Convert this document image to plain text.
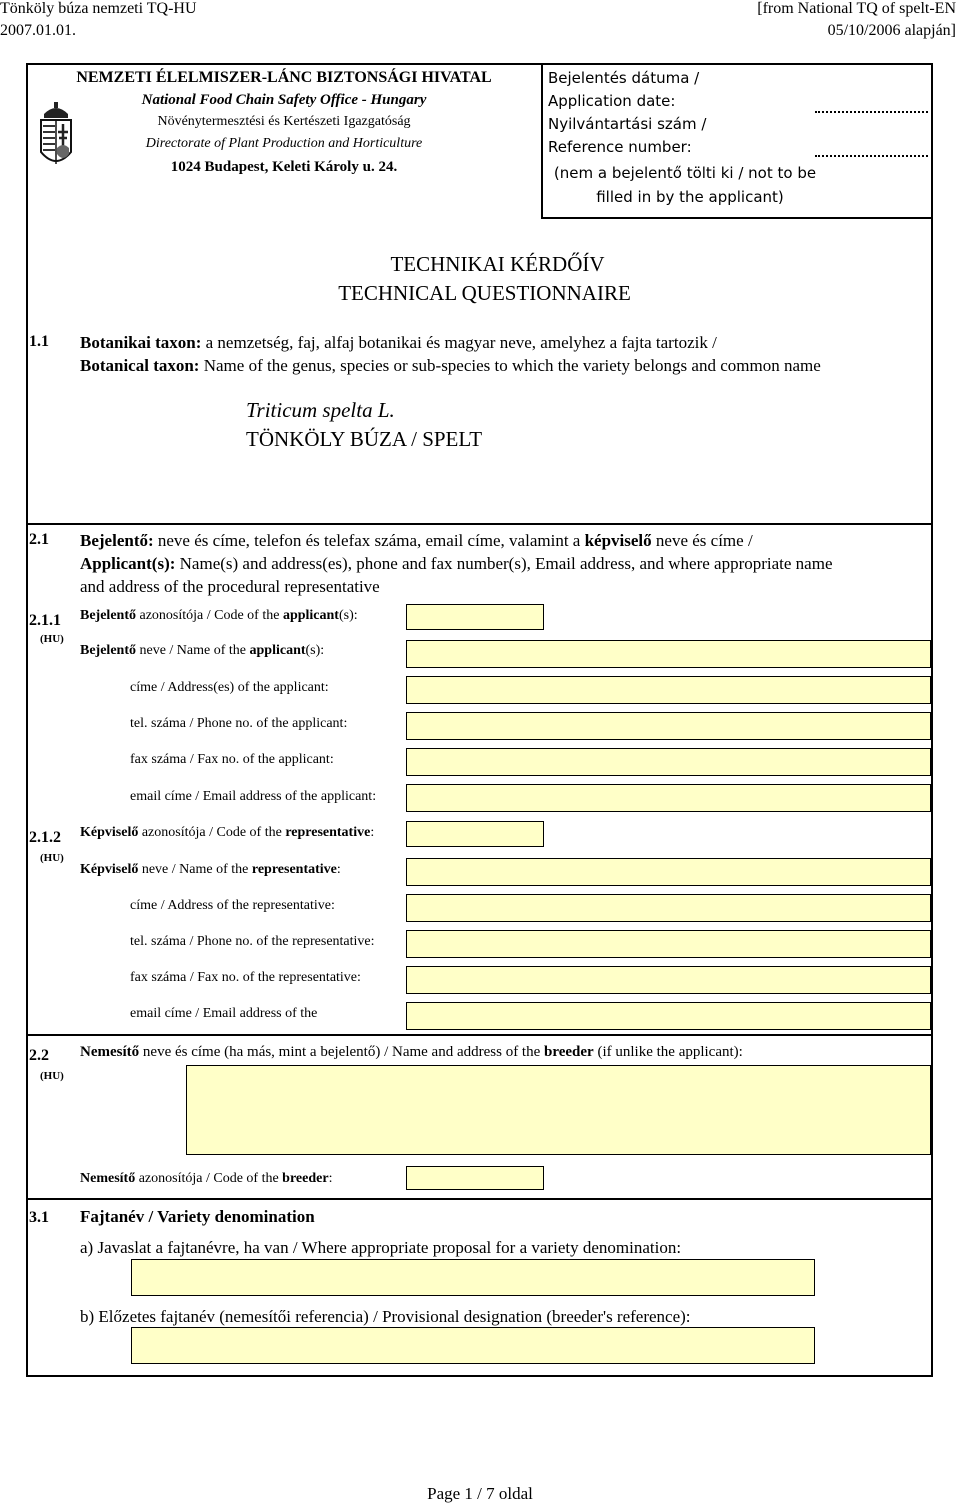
Tönköly búza nemzeti TQ-HU
2007.01.01.
[from National TQ of spelt-EN
05/10/2006 alapján]
NEMZETI ÉLELMISZER-LÁNC BIZTONSÁGI HIVATAL
National Food Chain Safety Office - Hungary
Növénytermesztési és Kertészeti Igazgatóság
Directorate of Plant Production and Horticulture
1024 Budapest, Keleti Károly u. 24.
Bejelentés dátuma /
Application date:
Nyilvántartási szám /
Reference number:
(nem a bejelentő tölti ki / not to be
filled in by the applicant)
TECHNIKAI KÉRDŐÍV
TECHNICAL QUESTIONNAIRE
1.1 Botanikai taxon: a nemzetség, faj, alfaj botanikai és magyar neve, amelyhez a fajta tartozik /
Botanical taxon: Name of the genus, species or sub-species to which the variety belongs and common name
Triticum spelta L.
TÖNKÖLY BÚZA / SPELT
2.1 Bejelentő: neve és címe, telefon és telefax száma, email címe, valamint a képviselő neve és címe /
Applicant(s): Name(s) and address(es), phone and fax number(s), Email address, and where appropriate name
and address of the procedural representative
2.1.1
(HU)
Bejelentő azonosítója / Code of the applicant(s):
Bejelentő neve / Name of the applicant(s):
címe / Address(es) of the applicant:
tel. száma / Phone no. of the applicant:
fax száma / Fax no. of the applicant:
email címe / Email address of the applicant:
2.1.2
(HU)
Képviselő azonosítója / Code of the representative:
Képviselő neve / Name of the representative:
címe / Address of the representative:
tel. száma / Phone no. of the representative:
fax száma / Fax no. of the representative:
email címe / Email address of the
2.2
(HU)
Nemesítő neve és címe (ha más, mint a bejelentő) / Name and address of the breeder (if unlike the applicant):
Nemesítő azonosítója / Code of the breeder:
3.1 Fajtanév / Variety denomination
a) Javaslat a fajtanévre, ha van / Where appropriate proposal for a variety denomination:
b) Előzetes fajtanév (nemesítői referencia) / Provisional designation (breeder's reference):
Page 1 / 7 oldal
